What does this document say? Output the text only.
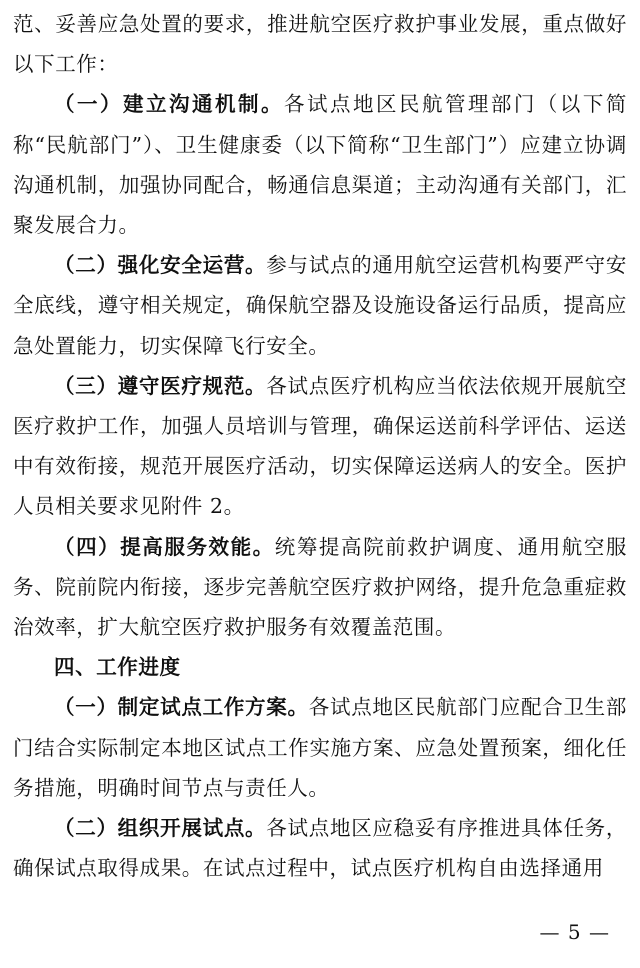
范、妥善应急处置的要求，推进航空医疗救护事业发展，重点做好以下工作：

（一）建立沟通机制。各试点地区民航管理部门（以下简称“民航部门”）、卫生健康委（以下简称“卫生部门”）应建立协调沟通机制，加强协同配合，畅通信息渠道；主动沟通有关部门，汇聚发展合力。

（二）强化安全运营。参与试点的通用航空运营机构要严守安全底线，遵守相关规定，确保航空器及设施设备运行品质，提高应急处置能力，切实保障飞行安全。

（三）遵守医疗规范。各试点医疗机构应当依法依规开展航空医疗救护工作，加强人员培训与管理，确保运送前科学评估、运送中有效衔接，规范开展医疗活动，切实保障运送病人的安全。医护人员相关要求见附件 2。

（四）提高服务效能。统筹提高院前救护调度、通用航空服务、院前院内衔接，逐步完善航空医疗救护网络，提升危急重症救治效率，扩大航空医疗救护服务有效覆盖范围。

四、工作进度

（一）制定试点工作方案。各试点地区民航部门应配合卫生部门结合实际制定本地区试点工作实施方案、应急处置预案，细化任务措施，明确时间节点与责任人。

（二）组织开展试点。各试点地区应稳妥有序推进具体任务，确保试点取得成果。在试点过程中，试点医疗机构自由选择通用

— 5 —
